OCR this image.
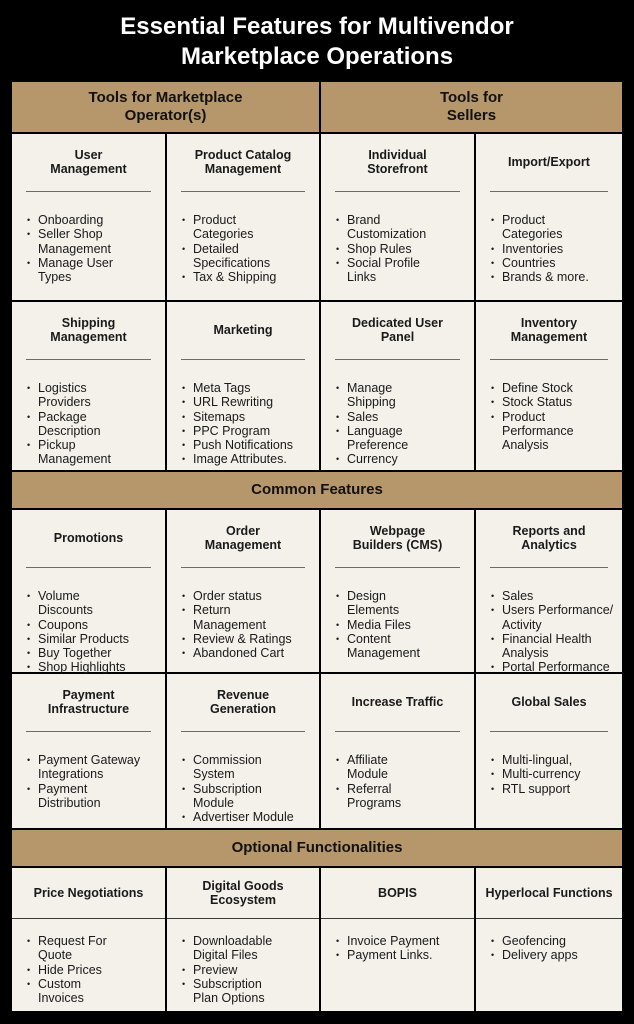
Essential Features for Multivendor
Marketplace Operations
Tools for Marketplace
Operator(s)
Tools for
Sellers
Common Features
Optional Functionalities
User
Management
• Onboarding
• Seller Shop
Management
• Manage User
Types
Product Catalog
Management
• Product
Categories
• Detailed
Specifications
• Tax & Shipping
Individual
Storefront
• Brand
Customization
• Shop Rules
• Social Profile
Links
Import/Export
• Product
Categories
• Inventories
• Countries
• Brands & more.
Shipping
Management
• Logistics
Providers
• Package
Description
• Pickup
Management
Marketing
• Meta Tags
• URL Rewriting
• Sitemaps
• PPC Program
• Push Notifications
• Image Attributes.
Dedicated User
Panel
• Manage
Shipping
• Sales
• Language
Preference
• Currency
Inventory
Management
• Define Stock
• Stock Status
• Product
Performance
Analysis
Promotions
• Volume
Discounts
• Coupons
• Similar Products
• Buy Together
• Shop Highlights
Order
Management
• Order status
• Return
Management
• Review & Ratings
• Abandoned Cart
Webpage
Builders (CMS)
• Design
Elements
• Media Files
• Content
Management
Reports and
Analytics
• Sales
• Users Performance/
Activity
• Financial Health
Analysis
• Portal Performance
Payment
Infrastructure
• Payment Gateway
Integrations
• Payment
Distribution
Revenue
Generation
• Commission
System
• Subscription
Module
• Advertiser Module
Increase Traffic
• Affiliate
Module
• Referral
Programs
Global Sales
• Multi-lingual,
• Multi-currency
• RTL support
Price Negotiations
• Request For
Quote
• Hide Prices
• Custom
Invoices
Digital Goods
Ecosystem
• Downloadable
Digital Files
• Preview
• Subscription
Plan Options
BOPIS
• Invoice Payment
• Payment Links.
Hyperlocal Functions
• Geofencing
• Delivery apps
